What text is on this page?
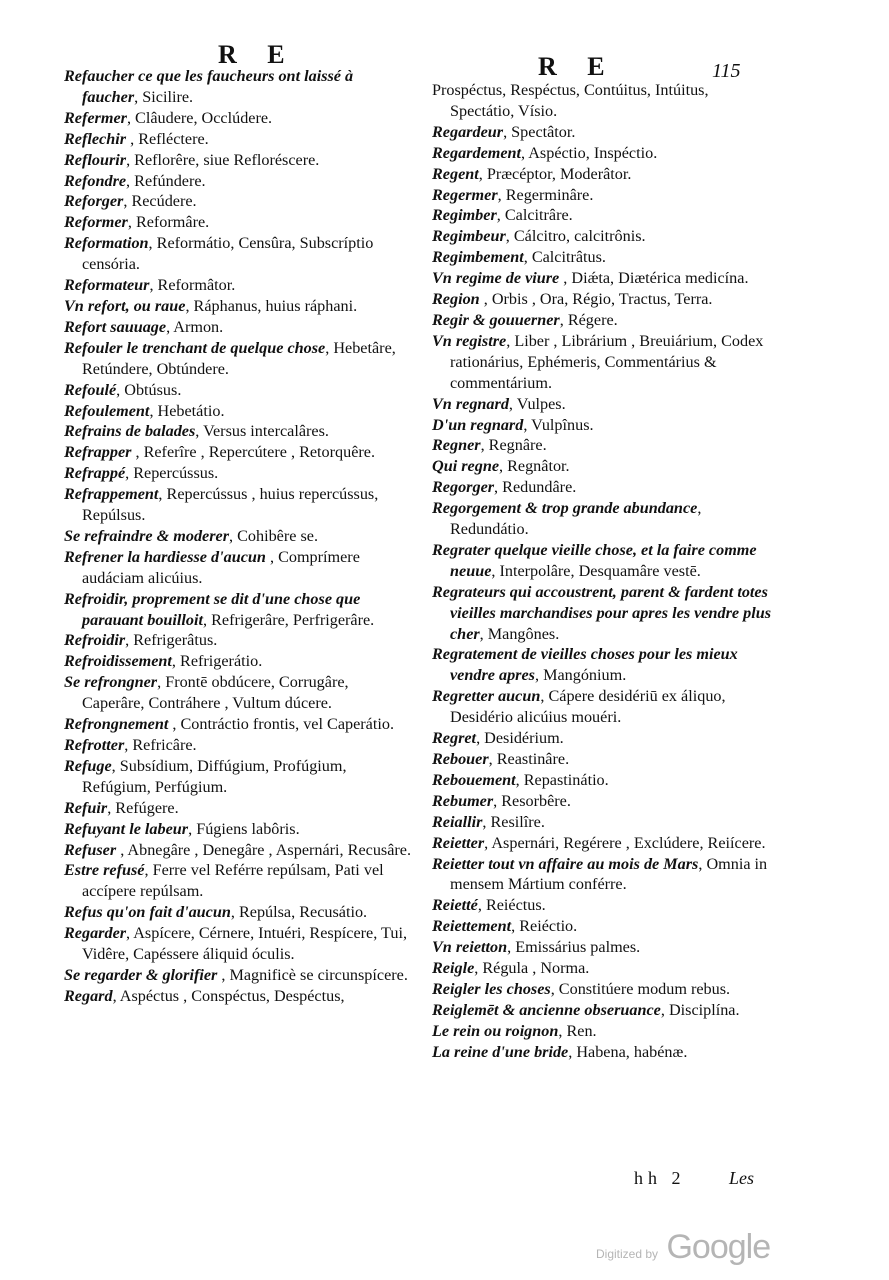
R E	R E	115

Refaucher ce que les faucheurs ont laissé à faucher, Sicilire.

Refermer, Clâudere, Occlúdere.

Reflechir , Refléctere.

Reflourir, Reflorêre, siue Refloréscere.

Refondre, Refúndere.

Reforger, Recúdere.

Reformer, Reformâre.

Reformation, Reformátio, Censûra, Subscríptio censória.

Reformateur, Reformâtor.

Vn refort, ou raue, Ráphanus, huius ráphani.

Refort sauuage, Armon.

Refouler le trenchant de quelque chose, Hebetâre, Retúndere, Obtúndere.

Refoulé, Obtúsus.

Refoulement, Hebetátio.

Refrains de balades, Versus intercalâres.

Refrapper , Referîre , Repercútere , Retorquêre.

Refrappé, Repercússus.

Refrappement, Repercússus , huius repercússus, Repúlsus.

Se refraindre & moderer, Cohibêre se.

Refrener la hardiesse d'aucun , Comprímere audáciam alicúius.

Refroidir, proprement se dit d'une chose que parauant bouilloit, Refrigerâre, Perfrigerâre.

Refroidir, Refrigerâtus.

Refroidissement, Refrigerátio.

Se refrongner, Frontē obdúcere, Corrugâre, Caperâre, Contráhere , Vultum dúcere.

Refrongnement , Contráctio frontis, vel Caperátio.

Refrotter, Refricâre.

Refuge, Subsídium, Diffúgium, Profúgium, Refúgium, Perfúgium.

Refuir, Refúgere.

Refuyant le labeur, Fúgiens labôris.

Refuser , Abnegâre , Denegâre , Aspernári, Recusâre.

Estre refusé, Ferre vel Reférre repúlsam, Pati vel accípere repúlsam.

Refus qu'on fait d'aucun, Repúlsa, Recusátio.

Regarder, Aspícere, Cérnere, Intuéri, Respícere, Tui, Vidêre, Capéssere áliquid óculis.

Se regarder & glorifier , Magnificè se circunspícere.

Regard, Aspéctus , Conspéctus, Despéctus,

Prospéctus, Respéctus, Contúitus, Intúitus, Spectátio, Vísio.

Regardeur, Spectâtor.

Regardement, Aspéctio, Inspéctio.

Regent, Præcéptor, Moderâtor.

Regermer, Regerminâre.

Regimber, Calcitrâre.

Regimbeur, Cálcitro, calcitrônis.

Regimbement, Calcitrâtus.

Vn regime de viure , Diǽta, Diætérica medicína.

Region , Orbis , Ora, Régio, Tractus, Terra.

Regir & gouuerner, Régere.

Vn registre, Liber , Librárium , Breuiárium, Codex rationárius, Ephémeris, Commentárius & commentárium.

Vn regnard, Vulpes.

D'un regnard, Vulpînus.

Regner, Regnâre.

Qui regne, Regnâtor.

Regorger, Redundâre.

Regorgement & trop grande abundance, Redundátio.

Regrater quelque vieille chose, et la faire comme neuue, Interpolâre, Desquamâre vestē.

Regrateurs qui accoustrent, parent & fardent totes vieilles marchandises pour apres les vendre plus cher, Mangônes.

Regratement de vieilles choses pour les mieux vendre apres, Mangónium.

Regretter aucun, Cápere desidériū ex áliquo, Desidério alicúius mouéri.

Regret, Desidérium.

Rebouer, Reastinâre.

Rebouement, Repastinátio.

Rebumer, Resorbêre.

Reiallir, Resilîre.

Reietter, Aspernári, Regérere , Exclúdere, Reiícere.

Reietter tout vn affaire au mois de Mars, Omnia in mensem Mártium conférre.

Reietté, Reiéctus.

Reiettement, Reiéctio.

Vn reietton, Emissárius palmes.

Reigle, Régula , Norma.

Reigler les choses, Constitúere modum rebus.

Reiglemēt & ancienne obseruance, Disciplína.

Le rein ou roignon, Ren.

La reine d'une bride, Habena, habénæ.

hh 2 Les
Digitized by Google
